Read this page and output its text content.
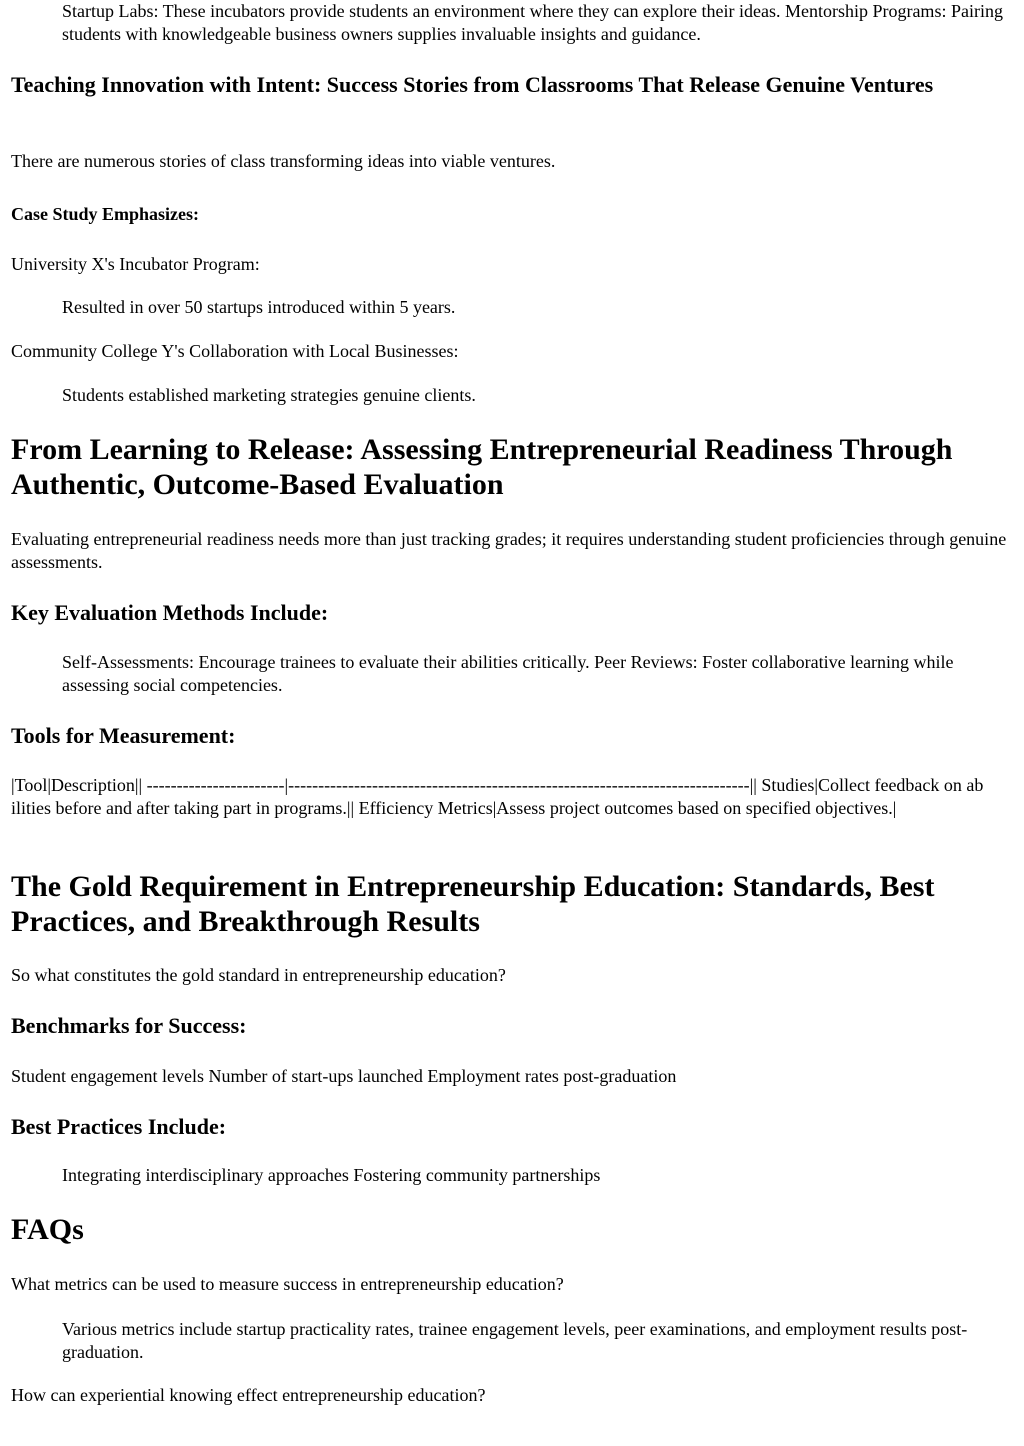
Startup Labs: These incubators provide students an environment where they can explore their ideas. Mentorship Programs: Pairing students with knowledgeable business owners supplies invaluable insights and guidance.

Teaching Innovation with Intent: Success Stories from Classrooms That Release Genuine Ventures

There are numerous stories of class transforming ideas into viable ventures.

Case Study Emphasizes:

University X's Incubator Program:

Resulted in over 50 startups introduced within 5 years.

Community College Y's Collaboration with Local Businesses:

Students established marketing strategies genuine clients.

From Learning to Release: Assessing Entrepreneurial Readiness Through Authentic, Outcome-Based Evaluation

Evaluating entrepreneurial readiness needs more than just tracking grades; it requires understanding student proficiencies through genuine assessments.

Key Evaluation Methods Include:

Self-Assessments: Encourage trainees to evaluate their abilities critically. Peer Reviews: Foster collaborative learning while assessing social competencies.

Tools for Measurement:

|Tool|Description|| -----------------------|-----------------------------------------------------------------------------|| Studies|Collect feedback on abilities before and after taking part in programs.|| Efficiency Metrics|Assess project outcomes based on specified objectives.|

The Gold Requirement in Entrepreneurship Education: Standards, Best Practices, and Breakthrough Results

So what constitutes the gold standard in entrepreneurship education?

Benchmarks for Success:

Student engagement levels Number of start-ups launched Employment rates post-graduation

Best Practices Include:

Integrating interdisciplinary approaches Fostering community partnerships

FAQs

What metrics can be used to measure success in entrepreneurship education?

Various metrics include startup practicality rates, trainee engagement levels, peer examinations, and employment results post-graduation.

How can experiential knowing effect entrepreneurship education?
